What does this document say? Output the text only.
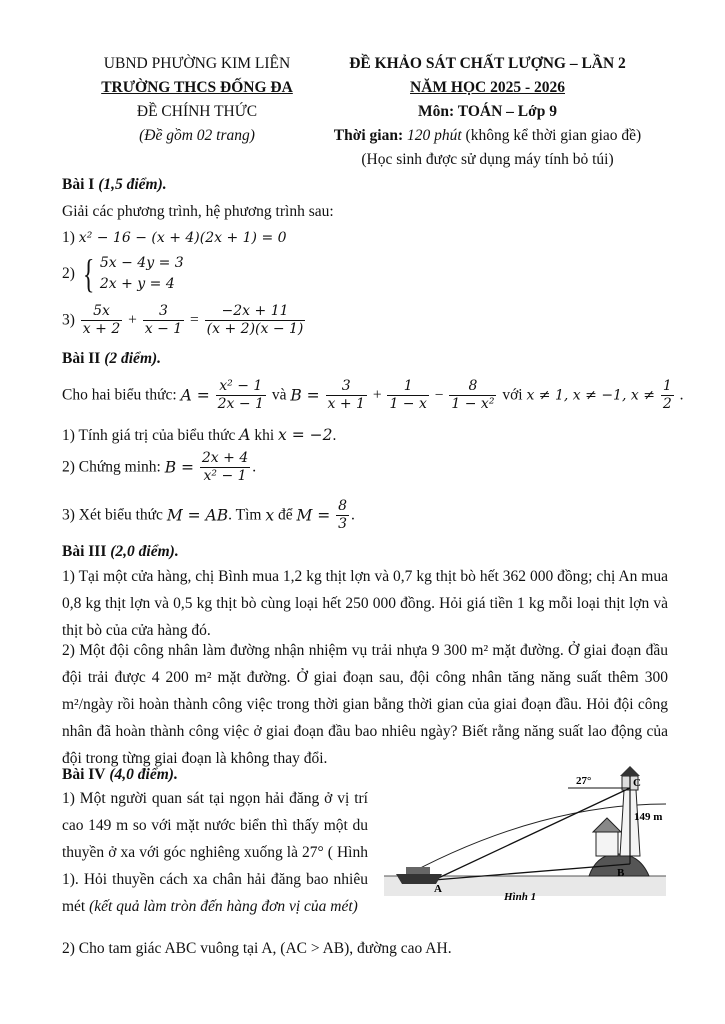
UBND PHƯỜNG KIM LIÊN
TRƯỜNG THCS ĐỐNG ĐA
ĐỀ CHÍNH THỨC
(Đề gồm 02 trang)
ĐỀ KHẢO SÁT CHẤT LƯỢNG – LẦN 2
NĂM HỌC 2025 - 2026
Môn: TOÁN – Lớp 9
Thời gian: 120 phút (không kể thời gian giao đề)
(Học sinh được sử dụng máy tính bỏ túi)
Bài I (1,5 điểm).
Giải các phương trình, hệ phương trình sau:
1) x² − 16 − (x + 4)(2x + 1) = 0
2) { 5x − 4y = 3
2x + y = 4
$3) \frac{5x}{x + 2} + \frac{3}{x - 1} = \frac{-2x + 11}{(x + 2)(x - 1)}$
Bài II (2 điểm).
Cho hai biểu thức: $A = \frac{\text{x² − 1}}{2x - 1}$ và $B = \frac{3}{x + 1} + \frac{1}{1 - x} - \frac{8}{\text{1 − x²}}$ với x ≠ 1, x ≠ −1, $x \ne \frac{1}{2}$ .
1) Tính giá trị của biểu thức A khi x = −2.
2) Chứng minh: $B = \frac{2x + 4}{\text{x² − 1}}$ .
3) Xét biểu thức M = AB. Tìm x để $M = \frac{8}{3}$ .
Bài III (2,0 điểm).
1) Tại một cửa hàng, chị Bình mua 1,2 kg thịt lợn và 0,7 kg thịt bò hết 362 000 đồng; chị An mua 0,8 kg thịt lợn và 0,5 kg thịt bò cùng loại hết 250 000 đồng. Hỏi giá tiền 1 kg mỗi loại thịt lợn và thịt bò của cửa hàng đó.
2) Một đội công nhân làm đường nhận nhiệm vụ trải nhựa 9 300 m² mặt đường. Ở giai đoạn đầu đội trải được 4 200 m² mặt đường. Ở giai đoạn sau, đội công nhân tăng năng suất thêm 300 m²/ngày rồi hoàn thành công việc trong thời gian bằng thời gian của giai đoạn đầu. Hỏi đội công nhân đã hoàn thành công việc ở giai đoạn đầu bao nhiêu ngày? Biết rằng năng suất lao động của đội trong từng giai đoạn là không thay đổi.
Bài IV (4,0 điểm).
1) Một người quan sát tại ngọn hải đăng ở vị trí cao 149 m so với mặt nước biển thì thấy một du thuyền ở xa với góc nghiêng xuống là 27° ( Hình 1). Hỏi thuyền cách xa chân hải đăng bao nhiêu mét (kết quả làm tròn đến hàng đơn vị của mét)
2) Cho tam giác ABC vuông tại A, (AC > AB), đường cao AH.
27°
149 m
A
B
C
Hình 1
